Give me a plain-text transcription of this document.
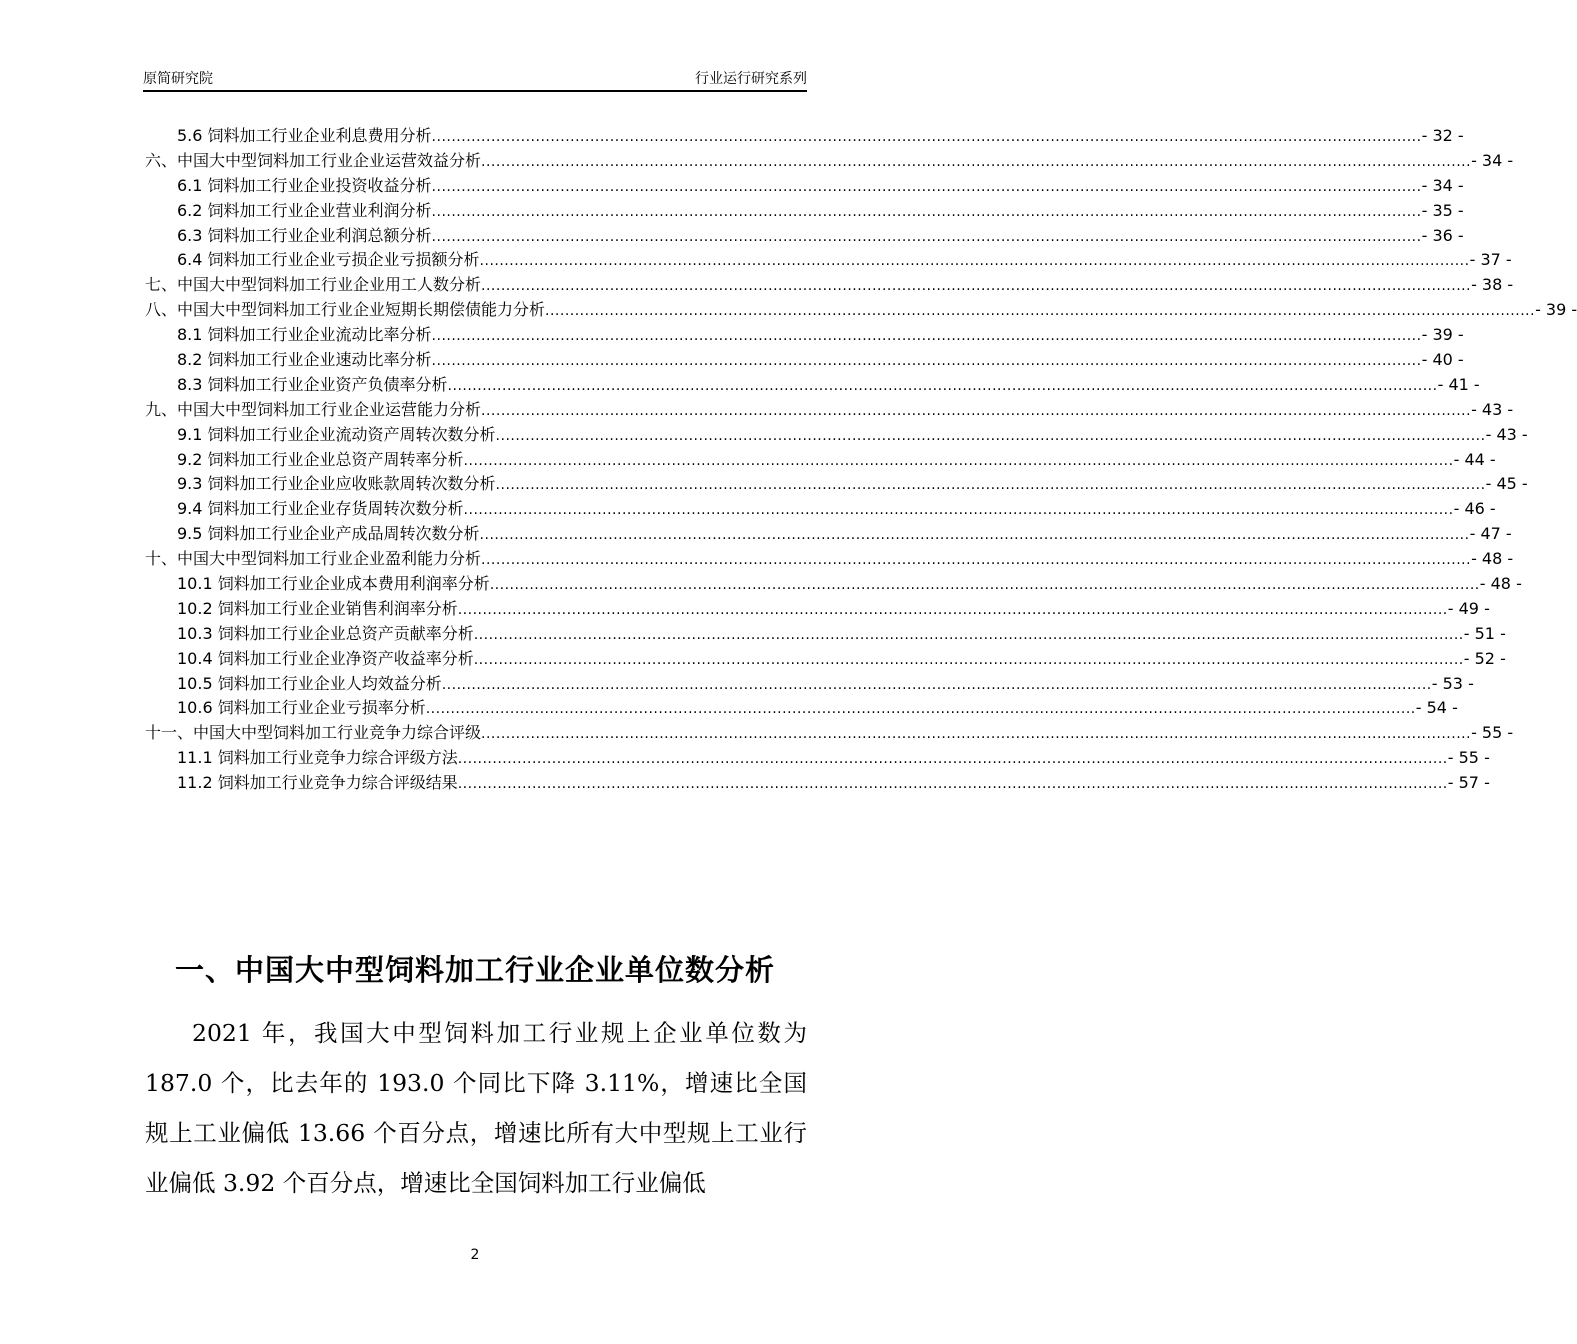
原简研究院	行业运行研究系列
5.6 饲料加工行业企业利息费用分析 ........................................................................................................................................................................................................ - 32 -
六、中国大中型饲料加工行业企业运营效益分析 ........................................................................................................................................................................................................ - 34 -
6.1 饲料加工行业企业投资收益分析 ........................................................................................................................................................................................................ - 34 -
6.2 饲料加工行业企业营业利润分析 ........................................................................................................................................................................................................ - 35 -
6.3 饲料加工行业企业利润总额分析 ........................................................................................................................................................................................................ - 36 -
6.4 饲料加工行业企业亏损企业亏损额分析 ........................................................................................................................................................................................................ - 37 -
七、中国大中型饲料加工行业企业用工人数分析 ........................................................................................................................................................................................................ - 38 -
八、中国大中型饲料加工行业企业短期长期偿债能力分析 ........................................................................................................................................................................................................ - 39 -
8.1 饲料加工行业企业流动比率分析 ........................................................................................................................................................................................................ - 39 -
8.2 饲料加工行业企业速动比率分析 ........................................................................................................................................................................................................ - 40 -
8.3 饲料加工行业企业资产负债率分析 ........................................................................................................................................................................................................ - 41 -
九、中国大中型饲料加工行业企业运营能力分析 ........................................................................................................................................................................................................ - 43 -
9.1 饲料加工行业企业流动资产周转次数分析 ........................................................................................................................................................................................................ - 43 -
9.2 饲料加工行业企业总资产周转率分析 ........................................................................................................................................................................................................ - 44 -
9.3 饲料加工行业企业应收账款周转次数分析 ........................................................................................................................................................................................................ - 45 -
9.4 饲料加工行业企业存货周转次数分析 ........................................................................................................................................................................................................ - 46 -
9.5 饲料加工行业企业产成品周转次数分析 ........................................................................................................................................................................................................ - 47 -
十、中国大中型饲料加工行业企业盈利能力分析 ........................................................................................................................................................................................................ - 48 -
10.1 饲料加工行业企业成本费用利润率分析 ........................................................................................................................................................................................................ - 48 -
10.2 饲料加工行业企业销售利润率分析 ........................................................................................................................................................................................................ - 49 -
10.3 饲料加工行业企业总资产贡献率分析 ........................................................................................................................................................................................................ - 51 -
10.4 饲料加工行业企业净资产收益率分析 ........................................................................................................................................................................................................ - 52 -
10.5 饲料加工行业企业人均效益分析 ........................................................................................................................................................................................................ - 53 -
10.6 饲料加工行业企业亏损率分析 ........................................................................................................................................................................................................ - 54 -
十一、中国大中型饲料加工行业竞争力综合评级 ........................................................................................................................................................................................................ - 55 -
11.1 饲料加工行业竞争力综合评级方法 ........................................................................................................................................................................................................ - 55 -
11.2 饲料加工行业竞争力综合评级结果 ........................................................................................................................................................................................................ - 57 -
一、中国大中型饲料加工行业企业单位数分析
2021 年，我国大中型饲料加工行业规上企业单位数为 187.0 个，比去年的 193.0 个同比下降 3.11%，增速比全国规上工业偏低 13.66 个百分点，增速比所有大中型规上工业行业偏低 3.92 个百分点，增速比全国饲料加工行业偏低
2
